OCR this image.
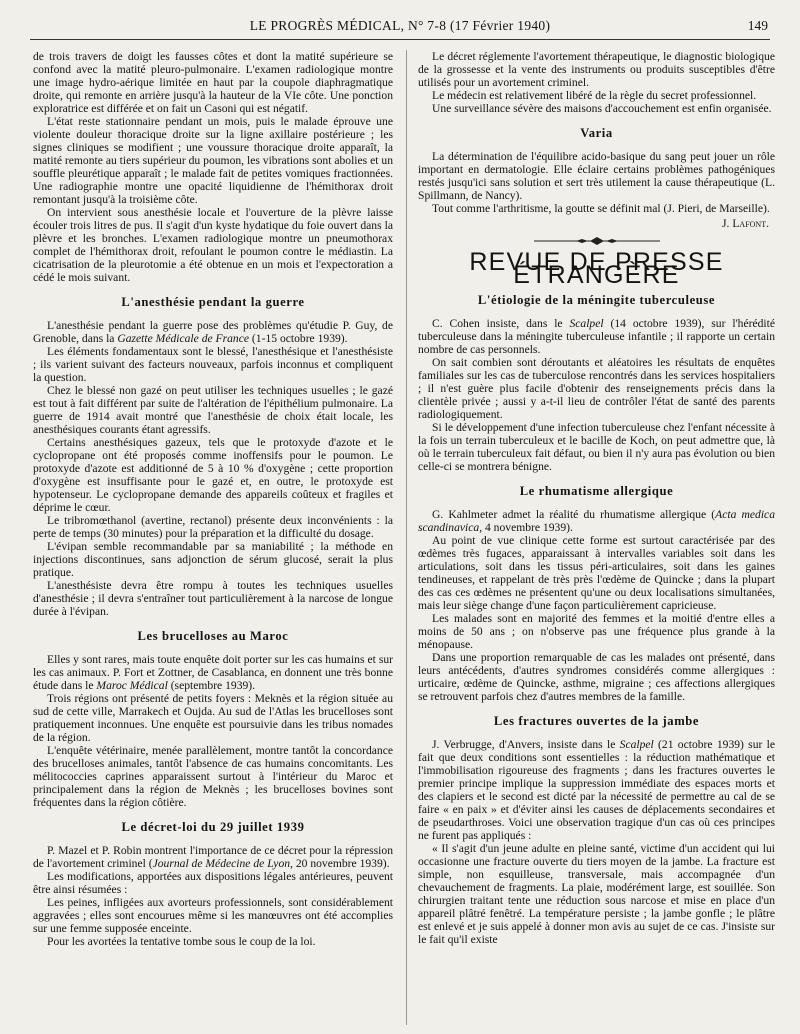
LE PROGRÈS MÉDICAL, N° 7-8 (17 Février 1940)	149

de trois travers de doigt les fausses côtes et dont la matité supérieure se confond avec la matité pleuro-pulmonaire. L'examen radiologique montre une image hydro-aérique limitée en haut par la coupole diaphragmatique droite, qui remonte en arrière jusqu'à la hauteur de la VIe côte. Une ponction exploratrice est différée et on fait un Casoni qui est négatif.

L'état reste stationnaire pendant un mois, puis le malade éprouve une violente douleur thoracique droite sur la ligne axillaire postérieure ; les signes cliniques se modifient ; une voussure thoracique droite apparaît, la matité remonte au tiers supérieur du poumon, les vibrations sont abolies et un souffle pleurétique apparaît ; le malade fait de petites vomiques fractionnées. Une radiographie montre une opacité liquidienne de l'hémithorax droit remontant jusqu'à la troisième côte.

On intervient sous anesthésie locale et l'ouverture de la plèvre laisse écouler trois litres de pus. Il s'agit d'un kyste hydatique du foie ouvert dans la plèvre et les bronches. L'examen radiologique montre un pneumothorax complet de l'hémithorax droit, refoulant le poumon contre le médiastin. La cicatrisation de la pleurotomie a été obtenue en un mois et l'expectoration a cédé le mois suivant.

L'anesthésie pendant la guerre

L'anesthésie pendant la guerre pose des problèmes qu'étudie P. Guy, de Grenoble, dans la Gazette Médicale de France (1-15 octobre 1939).

Les éléments fondamentaux sont le blessé, l'anesthésique et l'anesthésiste ; ils varient suivant des facteurs nouveaux, parfois inconnus et compliquent la question.

Chez le blessé non gazé on peut utiliser les techniques usuelles ; le gazé est tout à fait différent par suite de l'altération de l'épithélium pulmonaire. La guerre de 1914 avait montré que l'anesthésie de choix était locale, les anesthésiques courants étant agressifs.

Certains anesthésiques gazeux, tels que le protoxyde d'azote et le cyclopropane ont été proposés comme inoffensifs pour le poumon. Le protoxyde d'azote est additionné de 5 à 10 % d'oxygène ; cette proportion d'oxygène est insuffisante pour le gazé et, en outre, le protoxyde est hypotenseur. Le cyclopropane demande des appareils coûteux et fragiles et déprime le cœur.

Le tribromœthanol (avertine, rectanol) présente deux inconvénients : la perte de temps (30 minutes) pour la préparation et la difficulté du dosage.

L'évipan semble recommandable par sa maniabilité ; la méthode en injections discontinues, sans adjonction de sérum glucosé, serait la plus pratique.

L'anesthésiste devra être rompu à toutes les techniques usuelles d'anesthésie ; il devra s'entraîner tout particulièrement à la narcose de longue durée à l'évipan.

Les brucelloses au Maroc

Elles y sont rares, mais toute enquête doit porter sur les cas humains et sur les cas animaux. P. Fort et Zottner, de Casablanca, en donnent une très bonne étude dans le Maroc Médical (septembre 1939).

Trois régions ont présenté de petits foyers : Meknès et la région située au sud de cette ville, Marrakech et Oujda. Au sud de l'Atlas les brucelloses sont pratiquement inconnues. Une enquête est poursuivie dans les tribus nomades de la région.

L'enquête vétérinaire, menée parallèlement, montre tantôt la concordance des brucelloses animales, tantôt l'absence de cas humains concomitants. Les mélitococcies caprines apparaissent surtout à l'intérieur du Maroc et principalement dans la région de Meknès ; les brucelloses bovines sont fréquentes dans la région côtière.

Le décret-loi du 29 juillet 1939

P. Mazel et P. Robin montrent l'importance de ce décret pour la répression de l'avortement criminel (Journal de Médecine de Lyon, 20 novembre 1939).

Les modifications, apportées aux dispositions légales antérieures, peuvent être ainsi résumées :

Les peines, infligées aux avorteurs professionnels, sont considérablement aggravées ; elles sont encourues même si les manœuvres ont été accomplies sur une femme supposée enceinte.

Pour les avortées la tentative tombe sous le coup de la loi.

Le décret réglemente l'avortement thérapeutique, le diagnostic biologique de la grossesse et la vente des instruments ou produits susceptibles d'être utilisés pour un avortement criminel.

Le médecin est relativement libéré de la règle du secret professionnel.

Une surveillance sévère des maisons d'accouchement est enfin organisée.

Varia

La détermination de l'équilibre acido-basique du sang peut jouer un rôle important en dermatologie. Elle éclaire certains problèmes pathogéniques restés jusqu'ici sans solution et sert très utilement la cause thérapeutique (L. Spillmann, de Nancy).

Tout comme l'arthritisme, la goutte se définit mal (J. Pieri, de Marseille).

J. Lafont.
REVUE DE PRESSE ÉTRANGÈRE
L'étiologie de la méningite tuberculeuse

C. Cohen insiste, dans le Scalpel (14 octobre 1939), sur l'hérédité tuberculeuse dans la méningite tuberculeuse infantile ; il rapporte un certain nombre de cas personnels.

On sait combien sont déroutants et aléatoires les résultats de enquêtes familiales sur les cas de tuberculose rencontrés dans les services hospitaliers ; il n'est guère plus facile d'obtenir des renseignements précis dans la clientèle privée ; aussi y a-t-il lieu de contrôler l'état de santé des parents radiologiquement.

Si le développement d'une infection tuberculeuse chez l'enfant nécessite à la fois un terrain tuberculeux et le bacille de Koch, on peut admettre que, là où le terrain tuberculeux fait défaut, ou bien il n'y aura pas évolution ou bien celle-ci se montrera bénigne.

Le rhumatisme allergique

G. Kahlmeter admet la réalité du rhumatisme allergique (Acta medica scandinavica, 4 novembre 1939).

Au point de vue clinique cette forme est surtout caractérisée par des œdèmes très fugaces, apparaissant à intervalles variables soit dans les articulations, soit dans les tissus péri-articulaires, soit dans les gaines tendineuses, et rappelant de très près l'œdème de Quincke ; dans la plupart des cas ces œdèmes ne présentent qu'une ou deux localisations simultanées, mais leur siège change d'une façon particulièrement capricieuse.

Les malades sont en majorité des femmes et la moitié d'entre elles a moins de 50 ans ; on n'observe pas une fréquence plus grande à la ménopause.

Dans une proportion remarquable de cas les malades ont présenté, dans leurs antécédents, d'autres syndromes considérés comme allergiques : urticaire, œdème de Quincke, asthme, migraine ; ces affections allergiques se retrouvent parfois chez d'autres membres de la famille.

Les fractures ouvertes de la jambe

J. Verbrugge, d'Anvers, insiste dans le Scalpel (21 octobre 1939) sur le fait que deux conditions sont essentielles : la réduction mathématique et l'immobilisation rigoureuse des fragments ; dans les fractures ouvertes le premier principe implique la suppression immédiate des espaces morts et des clapiers et le second est dicté par la nécessité de permettre au cal de se faire « en paix » et d'éviter ainsi les causes de déplacements secondaires et de pseudarthroses. Voici une observation tragique d'un cas où ces principes ne furent pas appliqués :

« Il s'agit d'un jeune adulte en pleine santé, victime d'un accident qui lui occasionne une fracture ouverte du tiers moyen de la jambe. La fracture est simple, non esquilleuse, transversale, mais accompagnée d'un chevauchement de fragments. La plaie, modérément large, est souillée. Son chirurgien traitant tente une réduction sous narcose et mise en place d'un appareil plâtré fenêtré. La température persiste ; la jambe gonfle ; le plâtre est enlevé et je suis appelé à donner mon avis au sujet de ce cas. J'insiste sur le fait qu'il existe
